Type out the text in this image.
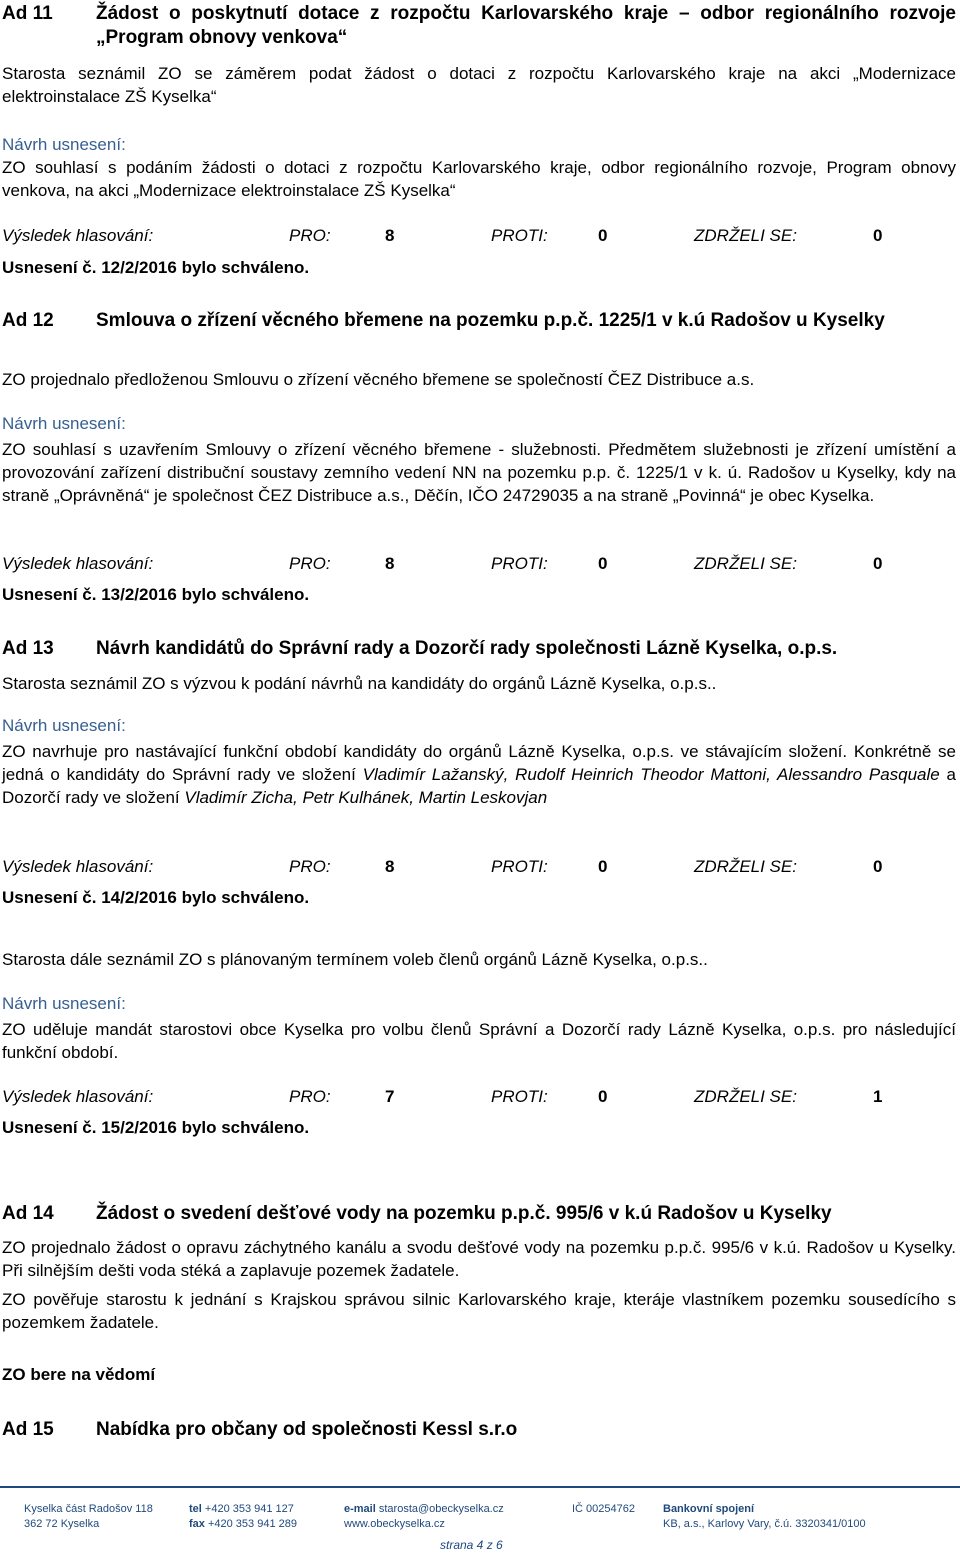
Ad 11	Žádost o poskytnutí dotace z rozpočtu Karlovarského kraje – odbor regionálního rozvoje „Program obnovy venkova“

Starosta seznámil ZO se záměrem podat žádost o dotaci z rozpočtu Karlovarského kraje na akci „Modernizace elektroinstalace ZŠ Kyselka“

Návrh usnesení:

ZO souhlasí s podáním žádosti o dotaci z rozpočtu Karlovarského kraje, odbor regionálního rozvoje, Program obnovy venkova, na akci „Modernizace elektroinstalace ZŠ Kyselka“

Výsledek hlasování:	PRO:	8	PROTI:	0	ZDRŽELI SE:	0

Usnesení č. 12/2/2016 bylo schváleno.

Ad 12	Smlouva o zřízení věcného břemene na pozemku p.p.č. 1225/1 v k.ú Radošov u Kyselky

ZO projednalo předloženou Smlouvu o zřízení věcného břemene se společností ČEZ Distribuce a.s.

Návrh usnesení:

ZO souhlasí s uzavřením Smlouvy o zřízení věcného břemene - služebnosti. Předmětem služebnosti je zřízení umístění a provozování zařízení distribuční soustavy zemního vedení NN na pozemku p.p. č. 1225/1 v k. ú. Radošov u Kyselky, kdy na straně „Oprávněná“ je společnost ČEZ Distribuce a.s., Děčín, IČO 24729035 a na straně „Povinná“ je obec Kyselka.

Výsledek hlasování:	PRO:	8	PROTI:	0	ZDRŽELI SE:	0

Usnesení č. 13/2/2016 bylo schváleno.

Ad 13	Návrh kandidátů do Správní rady a Dozorčí rady společnosti Lázně Kyselka, o.p.s.

Starosta seznámil ZO s výzvou k podání návrhů na kandidáty do orgánů Lázně Kyselka, o.p.s..

Návrh usnesení:

ZO navrhuje pro nastávající funkční období kandidáty do orgánů Lázně Kyselka, o.p.s. ve stávajícím složení. Konkrétně se jedná o kandidáty do Správní rady ve složení Vladimír Lažanský, Rudolf Heinrich Theodor Mattoni, Alessandro Pasquale a Dozorčí rady ve složení Vladimír Zicha, Petr Kulhánek, Martin Leskovjan

Výsledek hlasování:	PRO:	8	PROTI:	0	ZDRŽELI SE:	0

Usnesení č. 14/2/2016 bylo schváleno.

Starosta dále seznámil ZO s plánovaným termínem voleb členů orgánů Lázně Kyselka, o.p.s..

Návrh usnesení:

ZO uděluje mandát starostovi obce Kyselka pro volbu členů Správní a Dozorčí rady Lázně Kyselka, o.p.s. pro následující funkční období.

Výsledek hlasování:	PRO:	7	PROTI:	0	ZDRŽELI SE:	1

Usnesení č. 15/2/2016 bylo schváleno.

Ad 14	Žádost o svedení dešťové vody na pozemku p.p.č. 995/6 v k.ú Radošov u Kyselky

ZO projednalo žádost o opravu záchytného kanálu a svodu dešťové vody na pozemku p.p.č. 995/6 v k.ú. Radošov u Kyselky. Při silnějším dešti voda stéká a zaplavuje pozemek žadatele.

ZO pověřuje starostu k jednání s Krajskou správou silnic Karlovarského kraje, kteráje vlastníkem pozemku sousedícího s pozemkem žadatele.

ZO bere na vědomí

Ad 15	Nabídka pro občany od společnosti Kessl s.r.o
Kyselka část Radošov 118
362 72 Kyselka
tel +420 353 941 127
fax +420 353 941 289
e-mail starosta@obeckyselka.cz
www.obeckyselka.cz
IČ 00254762	Bankovní spojení
KB, a.s., Karlovy Vary, č.ú. 3320341/0100
strana 4 z 6
